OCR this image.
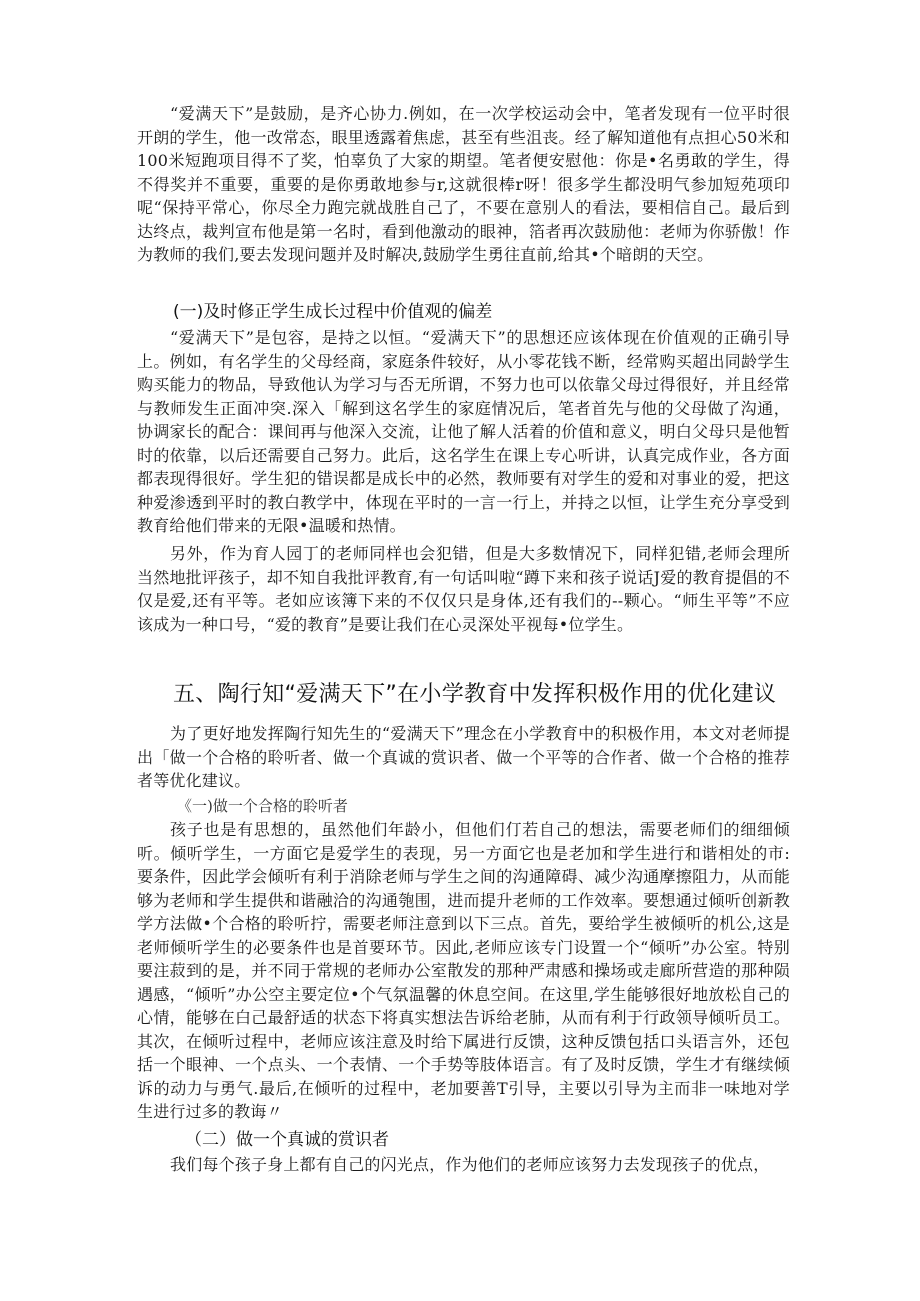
“爱满天下”是鼓励，是齐心协力.例如，在一次学校运动会中，笔者发现有一位平时很开朗的学生，他一改常态，眼里透露着焦虑，甚至有些沮丧。经了解知道他有点担心50米和100米短跑项目得不了奖，怕辜负了大家的期望。笔者便安慰他：你是•名勇敢的学生，得不得奖并不重要，重要的是你勇敢地参与r,这就很棒r呀！很多学生都没明气参加短苑项印呢“保持平常心，你尽全力跑完就战胜自己了，不要在意别人的看法，要相信自己。最后到达终点，裁判宣布他是第一名时，看到他激动的眼神，箔者再次鼓励他：老师为你骄傲！作为教师的我们,要去发现问题并及时解决,鼓励学生勇往直前,给其•个暗朗的天空。

(一)及时修正学生成长过程中价值观的偏差

“爱满天下”是包容，是持之以恒。“爱满天下”的思想还应该体现在价值观的正确引导上。例如，有名学生的父母经商，家庭条件较好，从小零花钱不断，经常购买超出同龄学生购买能力的物品，导致他认为学习与否无所谓，不努力也可以依靠父母过得很好，并且经常与教师发生正面冲突.深入「解到这名学生的家庭情况后，笔者首先与他的父母做了沟通，协调家长的配合：课间再与他深入交流，让他了解人活着的价值和意义，明白父母只是他暂时的依靠，以后还需要自己努力。此后，这名学生在课上专心听讲，认真完成作业，各方面都表现得很好。学生犯的错误都是成长中的必然，教师要有对学生的爱和对事业的爱，把这种爱渗透到平时的教白教学中，体现在平时的一言一行上，并持之以恒，让学生充分享受到教育给他们带来的无限•温暖和热情。

另外，作为育人园丁的老师同样也会犯错，但是大多数情况下，同样犯错,老师会理所当然地批评孩子，却不知自我批评教育,有一句话叫啦“蹲下来和孩子说话J爱的教育提倡的不仅是爱,还有平等。老如应该簿下来的不仅仅只是身体,还有我们的--颗心。“师生平等”不应该成为一种口号，“爱的教育”是要让我们在心灵深处平视每•位学生。

五、陶行知“爱满天下”在小学教育中发挥积极作用的优化建议

为了更好地发挥陶行知先生的“爱满天下”理念在小学教育中的积极作用，本文对老师提出「做一个合格的聆听者、做一个真诚的赏识者、做一个平等的合作者、做一个合格的推荐者等优化建议。

《一)做一个合格的聆听者

孩子也是有思想的，虽然他们年龄小，但他们仃若自己的想法，需要老师们的细细倾听。倾听学生，一方面它是爱学生的表现，另一方面它也是老加和学生进行和谐相处的市:要条件，因此学会倾听有利于消除老师与学生之间的沟通障碍、减少沟通摩擦阻力，从而能够为老师和学生提供和谐融洽的沟通匏围，进而提升老师的工作效率。要想通过倾听创新教学方法做•个合格的聆听拧，需要老师注意到以下三点。首先，要给学生被倾听的机公,这是老师倾听学生的必要条件也是首要环节。因此,老师应该专门设置一个“倾听”办公室。特别要注菽到的是，并不同于常规的老师办公室散发的那种严肃感和操场或走廊所营造的那种陨遇感，“倾听”办公空主要定位•个气氛温馨的休息空间。在这里,学生能够很好地放松自己的心情，能够在白己最舒适的状态下将真实想法告诉给老肺，从而有利于行政领导倾听员工。其次，在倾听过程中，老师应该注意及时给下属进行反馈，这种反馈包括口头语言外，还包括一个眼神、一个点头、一个表情、一个手势等肢体语言。有了及时反馈，学生才有继续倾诉的动力与勇气.最后,在倾听的过程中，老加要善T引导，主要以引导为主而非一味地对学生进行过多的教诲〃

（二）做一个真诚的赏识者

我们每个孩子身上都有自己的闪光点，作为他们的老师应该努力去发现孩子的优点，
